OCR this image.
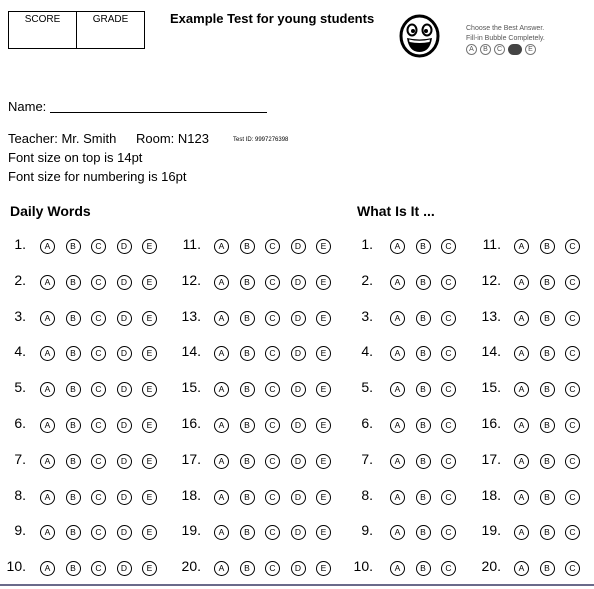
SCORE	GRADE	Example Test for young students
Choose the Best Answer.
Fill-in Bubble Completely.
A	B	C	E
Name:
Teacher: Mr. Smith Room: N123	Test ID: 9997276398
Font size on top is 14pt
Font size for numbering is 16pt
Daily Words	What Is It ...
1.	A	B	C	D	E
2.	A	B	C	D	E
3.	A	B	C	D	E
4.	A	B	C	D	E
5.	A	B	C	D	E
6.	A	B	C	D	E
7.	A	B	C	D	E
8.	A	B	C	D	E
9.	A	B	C	D	E
10.	A	B	C	D	E
11.	A	B	C	D	E
12.	A	B	C	D	E
13.	A	B	C	D	E
14.	A	B	C	D	E
15.	A	B	C	D	E
16.	A	B	C	D	E
17.	A	B	C	D	E
18.	A	B	C	D	E
19.	A	B	C	D	E
20.	A	B	C	D	E
1.	A	B	C
2.	A	B	C
3.	A	B	C
4.	A	B	C
5.	A	B	C
6.	A	B	C
7.	A	B	C
8.	A	B	C
9.	A	B	C
10.	A	B	C
11.	A	B	C
12.	A	B	C
13.	A	B	C
14.	A	B	C
15.	A	B	C
16.	A	B	C
17.	A	B	C
18.	A	B	C
19.	A	B	C
20.	A	B	C
